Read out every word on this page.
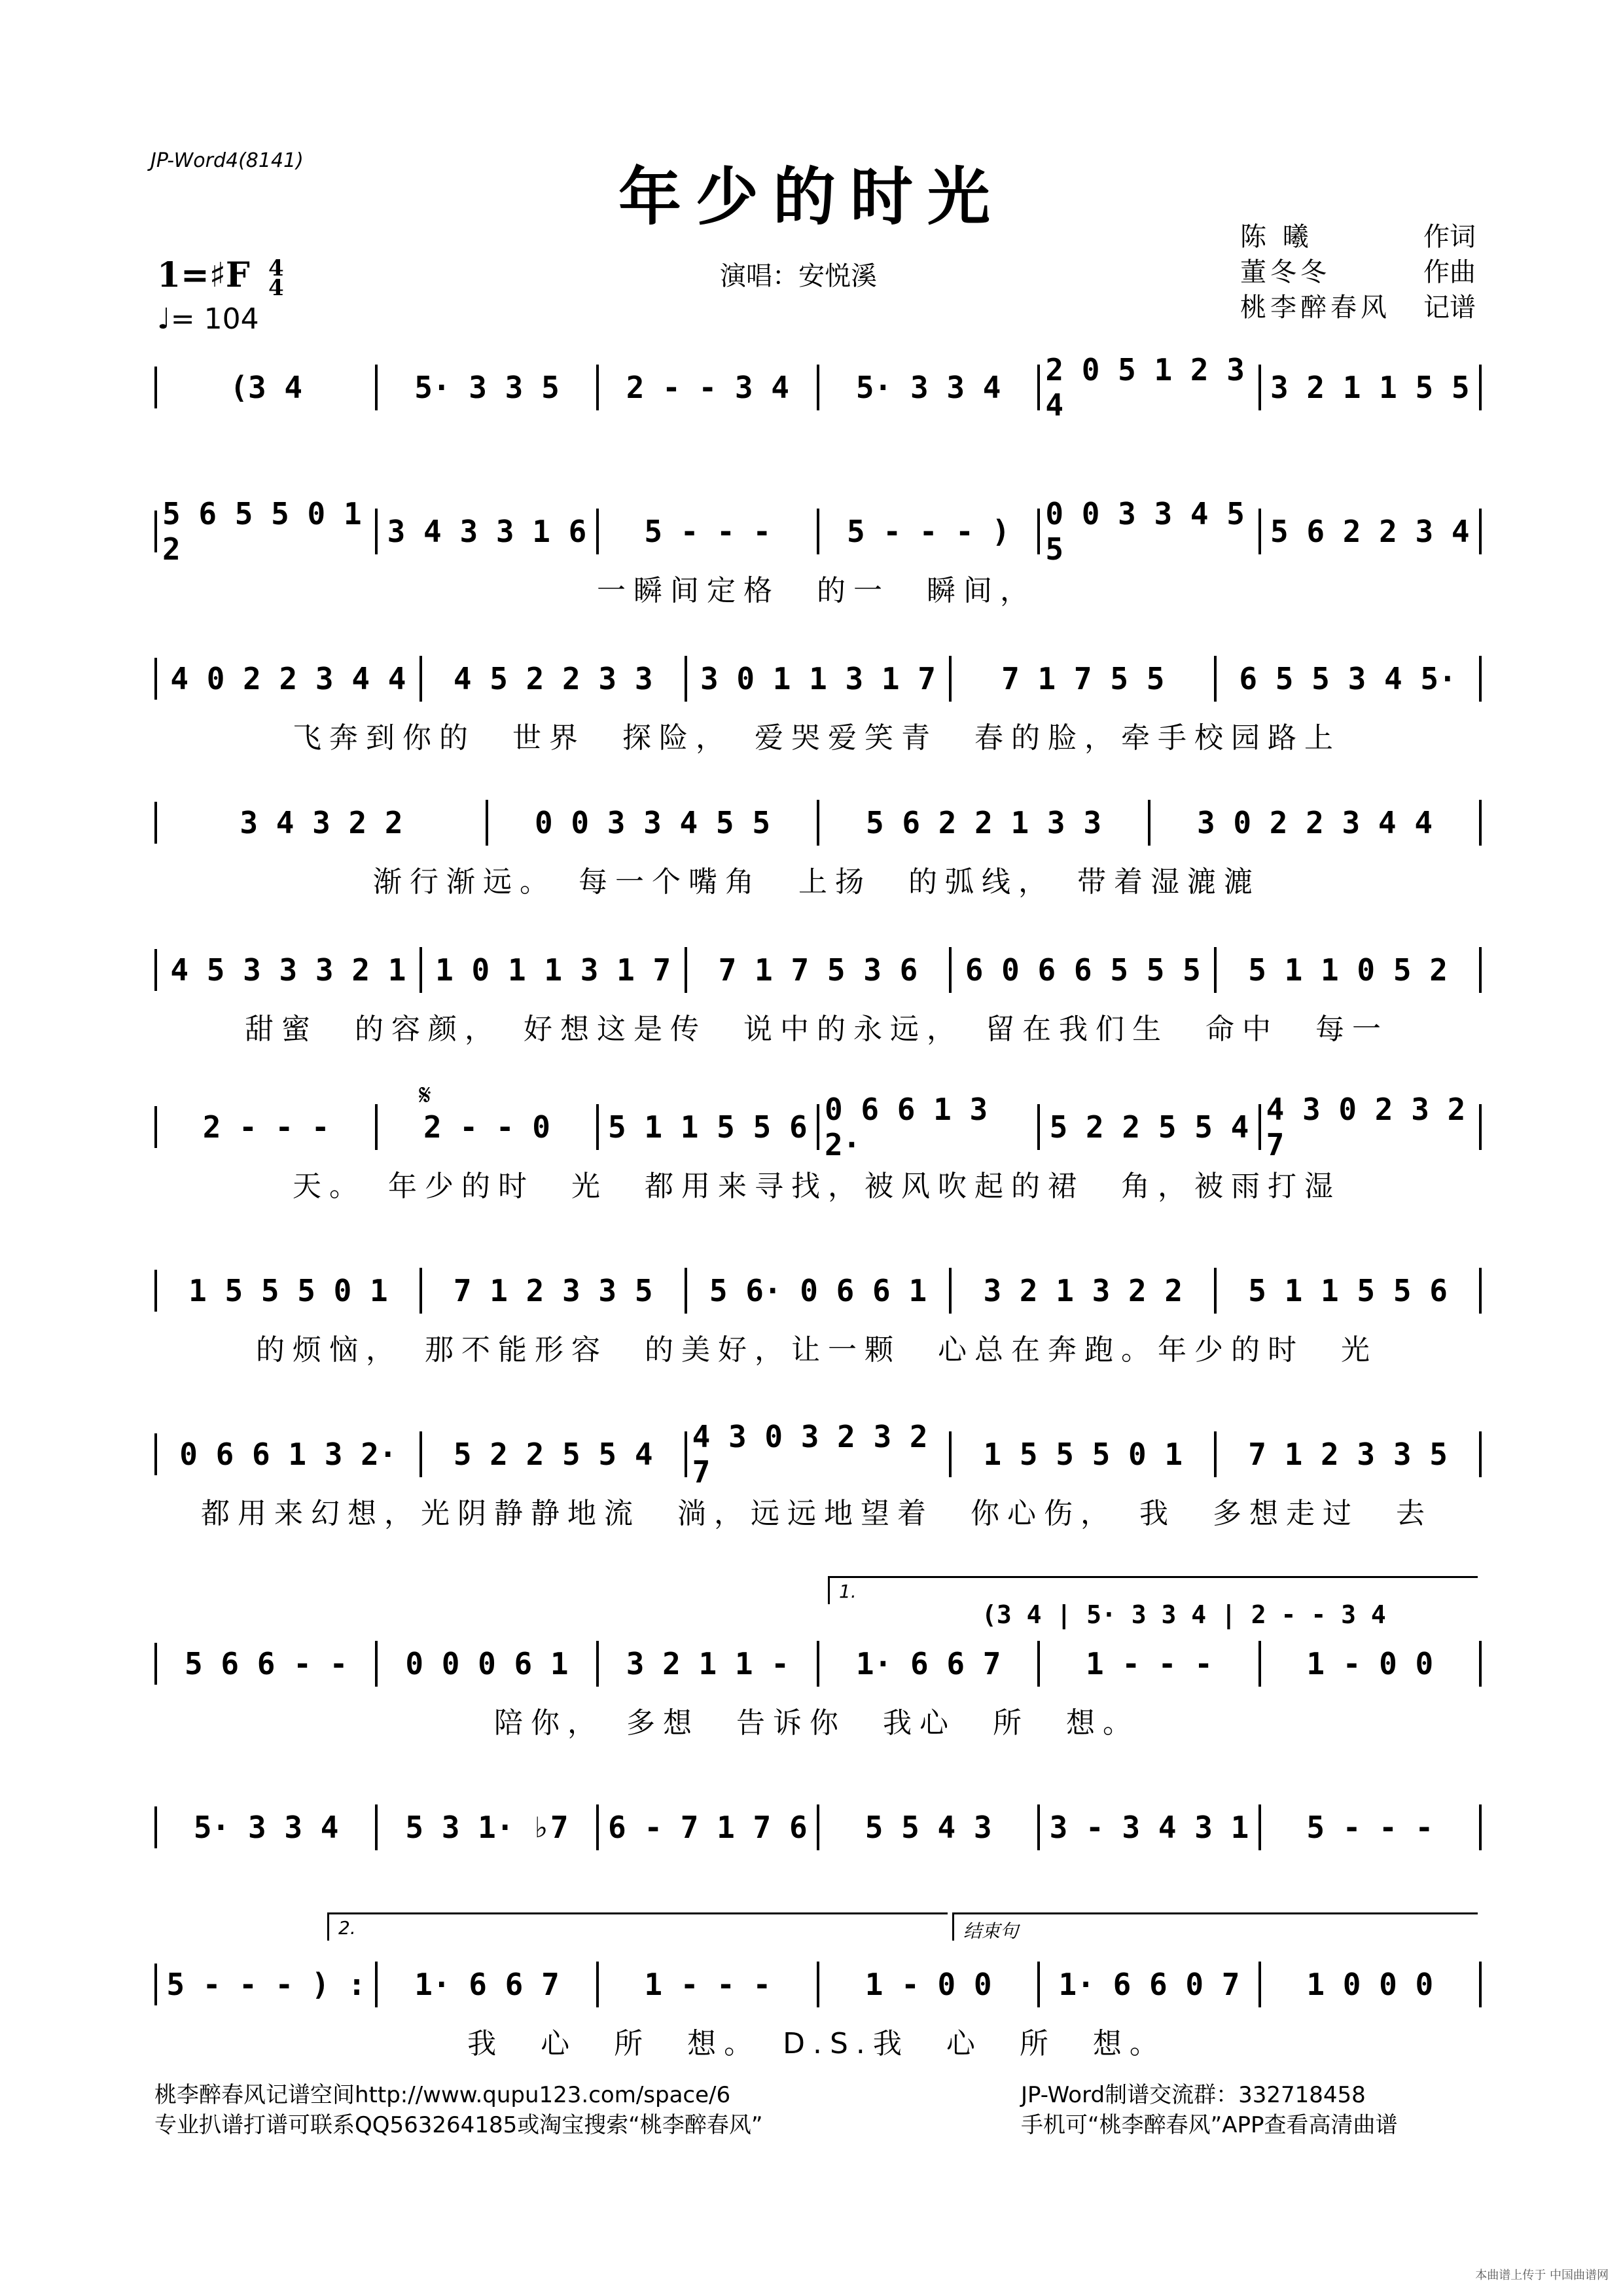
JP-Word4(8141)	年少的时光
演唱：安悦溪
陈 曦	作词
董冬冬	作曲
桃李醉春风 记谱
1=♯F 4
4
♩= 104
(3 4	5· 3 3 5	2 - - 3 4	5· 3 3 4	2 0 5 1 2 3 4	3 2 1 1 5 5
5 6 5 5 0 1 2	3 4 3 3 1 6	5 - - -	5 - - - )	0 0 3 3 4 5 5	5 6 2 2 3 4
一瞬间定格　的一　瞬间，
4 0 2 2 3 4 4	4 5 2 2 3 3	3 0 1 1 3 1 7	7 1 7 5 5	6 5 5 3 4 5·
飞奔到你的　世界　探险，　爱哭爱笑青　春的脸，牵手校园路上
3 4 3 2 2	0 0 3 3 4 5 5	5 6 2 2 1 3 3	3 0 2 2 3 4 4
渐行渐远。　每一个嘴角　上扬　的弧线，　带着湿漉漉
4 5 3 3 3 2 1 1 0 1 1 3 1 7	7 1 7 5 3 6	6 0 6 6 5 5 5	5 1 1 0 5 2
甜蜜　的容颜，　好想这是传　说中的永远，　留在我们生　命中　每一
2 - - -	2 - - 0	5 1 1 5 5 6 0 6 6 1 3 2·	5 2 2 5 5 4 4 3 0 2 3 2 7
天。　年少的时　光　都用来寻找，被风吹起的裙　角，被雨打湿
1 5 5 5 0 1	7 1 2 3 3 5	5 6· 0 6 6 1	3 2 1 3 2 2	5 1 1 5 5 6
的烦恼，　那不能形容　的美好，让一颗　心总在奔跑。年少的时　光
0 6 6 1 3 2·	5 2 2 5 5 4	4 3 0 3 2 3 2 7	1 5 5 5 0 1	7 1 2 3 3 5
都用来幻想，光阴静静地流　淌，远远地望着　你心伤，　我　多想走过　去
5 6 6 - -	0 0 0 6 1	3 2 1 1 -	1· 6 6 7	1 - - -	1 - 0 0
陪你，　多想　告诉你　我心　所　想。
5· 3 3 4	5 3 1· ♭7	6 - 7 1 7 6	5 5 4 3	3 - 3 4 3 1	5 - - -
5 - - - ) :	1· 6 6 7	1 - - -	1 - 0 0	1· 6 6 0 7	1 0 0 0
我　心　所　想。　D.S.我　心　所　想。
1.
2.	结束句
(3 4 | 5· 3 3 4 | 2 - - 3 4
𝄋
桃李醉春风记谱空间http://www.qupu123.com/space/6
专业扒谱打谱可联系QQ563264185或淘宝搜索“桃李醉春风”
JP-Word制谱交流群：332718458
手机可“桃李醉春风”APP查看高清曲谱
本曲谱上传于 中国曲谱网
